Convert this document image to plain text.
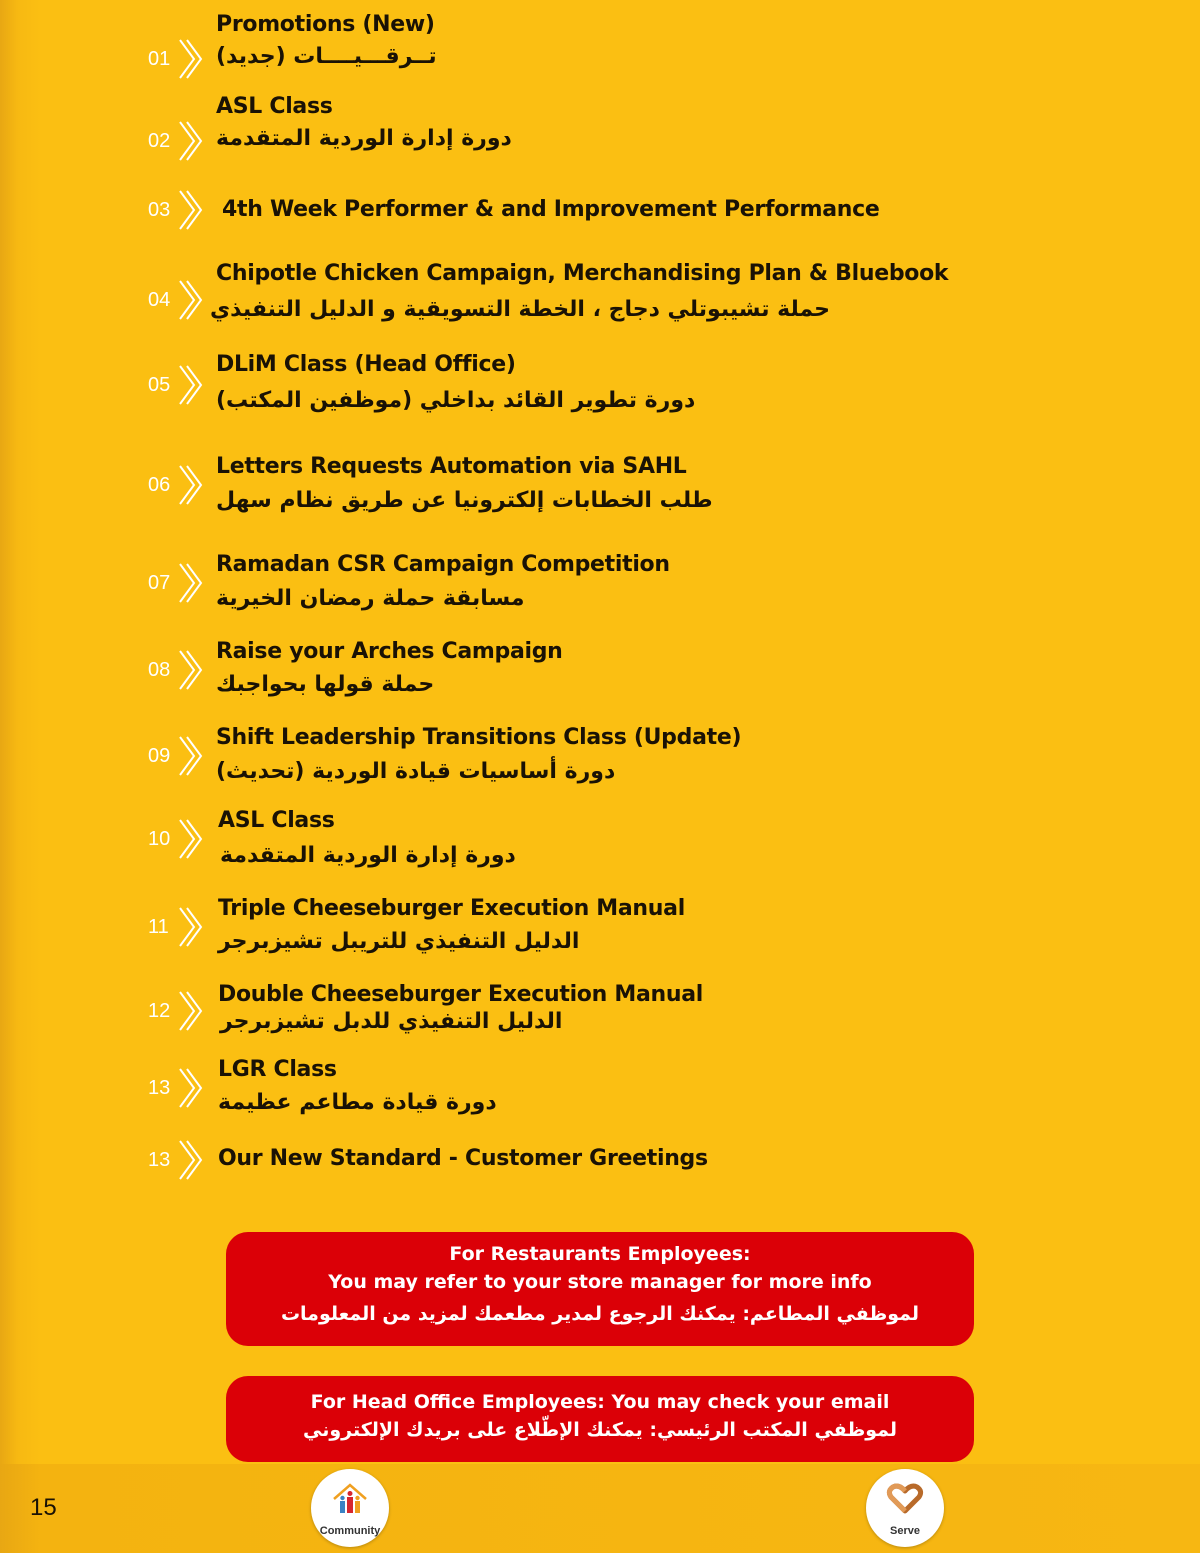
01
Promotions (New)
تــرقـــيــــات (جديد)
02
ASL Class
دورة إدارة الوردية المتقدمة
03 4th Week Performer & and Improvement Performance
04
Chipotle Chicken Campaign, Merchandising Plan & Bluebook
حملة تشيبوتلي دجاج ، الخطة التسويقية و الدليل التنفيذي
05
DLiM Class (Head Office)
دورة تطوير القائد بداخلي (موظفين المكتب)
06
Letters Requests Automation via SAHL
طلب الخطابات إلكترونيا عن طريق نظام سهل
07
Ramadan CSR Campaign Competition
مسابقة حملة رمضان الخيرية
08
Raise your Arches Campaign
حملة قولها بحواجبك
09
Shift Leadership Transitions Class (Update)
دورة أساسيات قيادة الوردية (تحديث)
10
ASL Class
دورة إدارة الوردية المتقدمة
11
Triple Cheeseburger Execution Manual
الدليل التنفيذي للتريبل تشيزبرجر
12
Double Cheeseburger Execution Manual
الدليل التنفيذي للدبل تشيزبرجر
13
LGR Class
دورة قيادة مطاعم عظيمة
13 Our New Standard - Customer Greetings
For Restaurants Employees:
You may refer to your store manager for more info
لموظفي المطاعم: يمكنك الرجوع لمدير مطعمك لمزيد من المعلومات
For Head Office Employees: You may check your email
لموظفي المكتب الرئيسي: يمكنك الإطّلاع على بريدك الإلكتروني
15
Community	Serve
